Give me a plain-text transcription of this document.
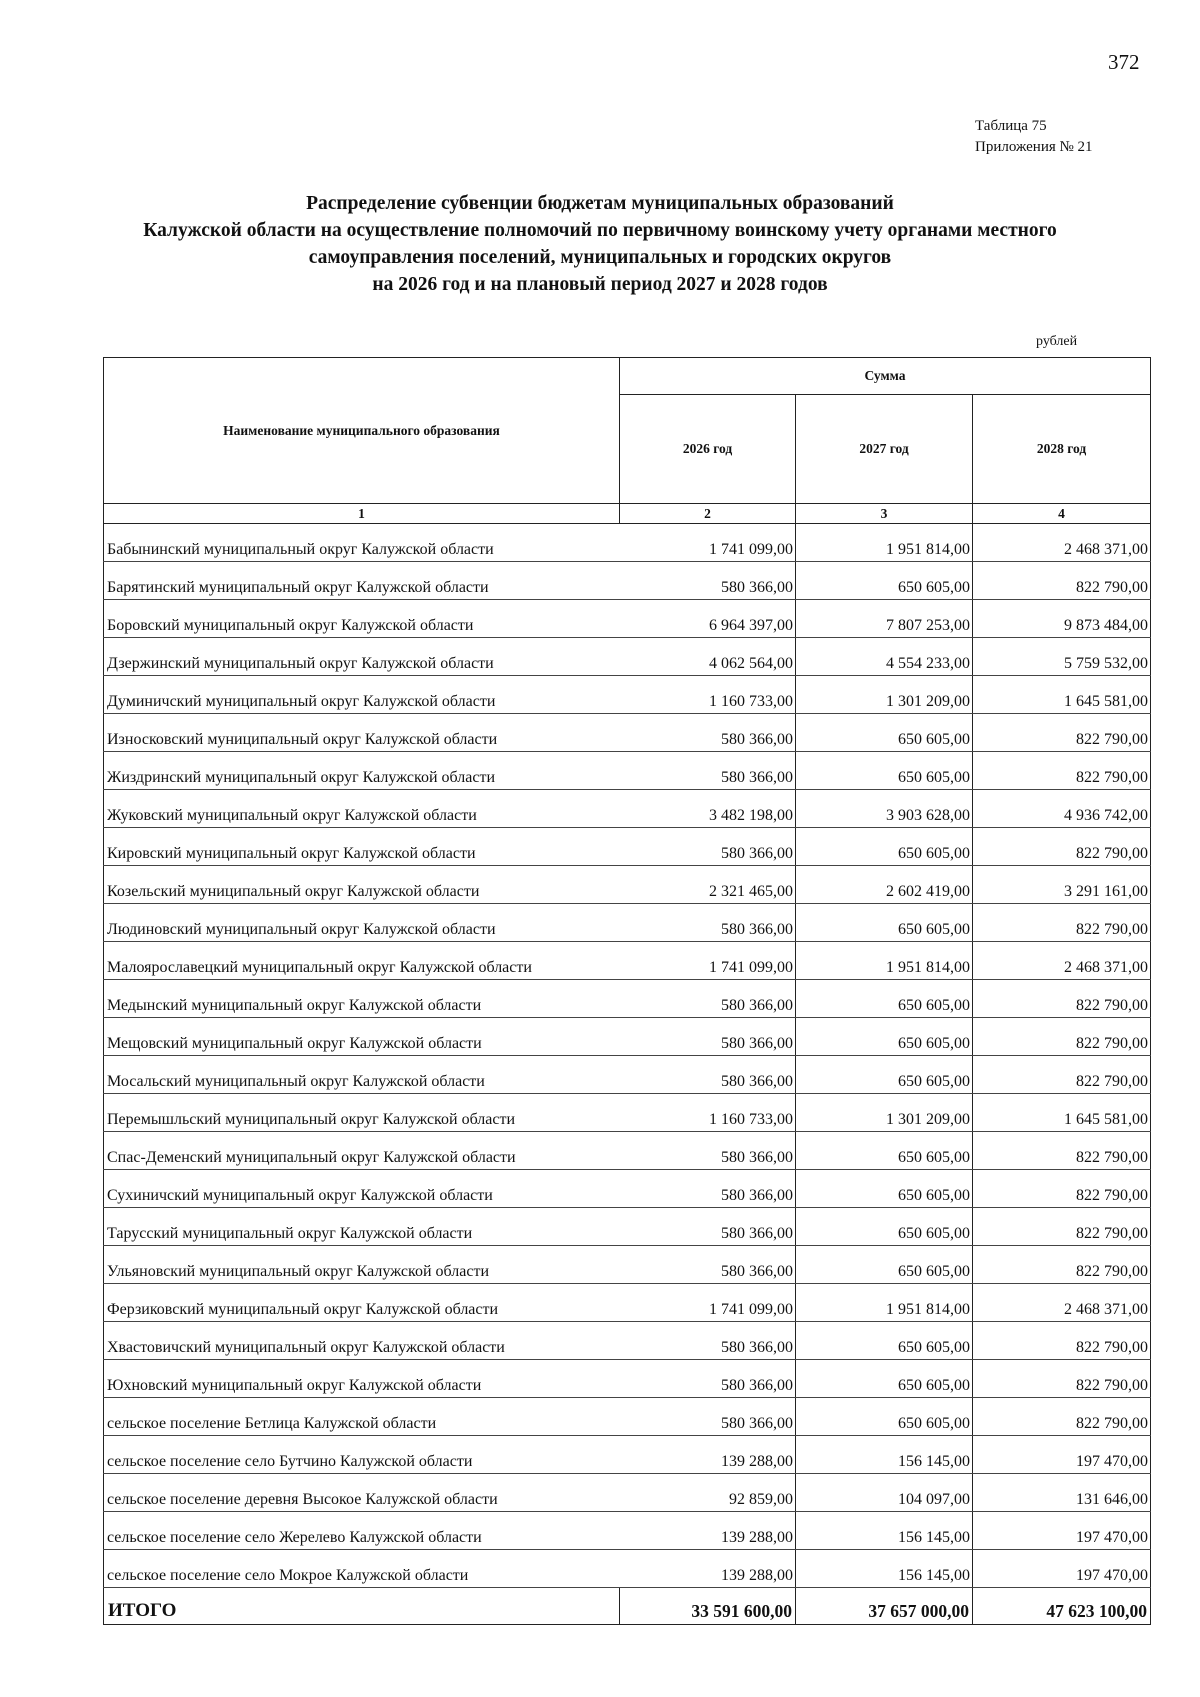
372
Таблица 75
Приложения № 21
Распределение субвенции бюджетам муниципальных образований
Калужской области на осуществление полномочий по первичному воинскому учету органами местного
самоуправления поселений, муниципальных и городских округов
на 2026 год и на плановый период 2027 и 2028 годов
рублей
Наименование муниципального образования	Сумма		
	2026 год	2027 год	2028 год
1	2	3	4
Бабынинский муниципальный округ Калужской области	1 741 099,00	1 951 814,00	2 468 371,00
Барятинский муниципальный округ Калужской области	580 366,00	650 605,00	822 790,00
Боровский муниципальный округ Калужской области	6 964 397,00	7 807 253,00	9 873 484,00
Дзержинский муниципальный округ Калужской области	4 062 564,00	4 554 233,00	5 759 532,00
Думиничский муниципальный округ Калужской области	1 160 733,00	1 301 209,00	1 645 581,00
Износковский муниципальный округ Калужской области	580 366,00	650 605,00	822 790,00
Жиздринский муниципальный округ Калужской области	580 366,00	650 605,00	822 790,00
Жуковский муниципальный округ Калужской области	3 482 198,00	3 903 628,00	4 936 742,00
Кировский муниципальный округ Калужской области	580 366,00	650 605,00	822 790,00
Козельский муниципальный округ Калужской области	2 321 465,00	2 602 419,00	3 291 161,00
Людиновский муниципальный округ Калужской области	580 366,00	650 605,00	822 790,00
Малоярославецкий муниципальный округ Калужской области	1 741 099,00	1 951 814,00	2 468 371,00
Медынский муниципальный округ Калужской области	580 366,00	650 605,00	822 790,00
Мещовский муниципальный округ Калужской области	580 366,00	650 605,00	822 790,00
Мосальский муниципальный округ Калужской области	580 366,00	650 605,00	822 790,00
Перемышльский муниципальный округ Калужской области	1 160 733,00	1 301 209,00	1 645 581,00
Спас-Деменский муниципальный округ Калужской области	580 366,00	650 605,00	822 790,00
Сухиничский муниципальный округ Калужской области	580 366,00	650 605,00	822 790,00
Тарусский муниципальный округ Калужской области	580 366,00	650 605,00	822 790,00
Ульяновский муниципальный округ Калужской области	580 366,00	650 605,00	822 790,00
Ферзиковский муниципальный округ Калужской области	1 741 099,00	1 951 814,00	2 468 371,00
Хвастовичский муниципальный округ Калужской области	580 366,00	650 605,00	822 790,00
Юхновский муниципальный округ Калужской области	580 366,00	650 605,00	822 790,00
сельское поселение Бетлица Калужской области	580 366,00	650 605,00	822 790,00
сельское поселение село Бутчино Калужской области	139 288,00	156 145,00	197 470,00
сельское поселение деревня Высокое Калужской области	92 859,00	104 097,00	131 646,00
сельское поселение село Жерелево Калужской области	139 288,00	156 145,00	197 470,00
сельское поселение село Мокрое Калужской области	139 288,00	156 145,00	197 470,00
ИТОГО	33 591 600,00	37 657 000,00	47 623 100,00
